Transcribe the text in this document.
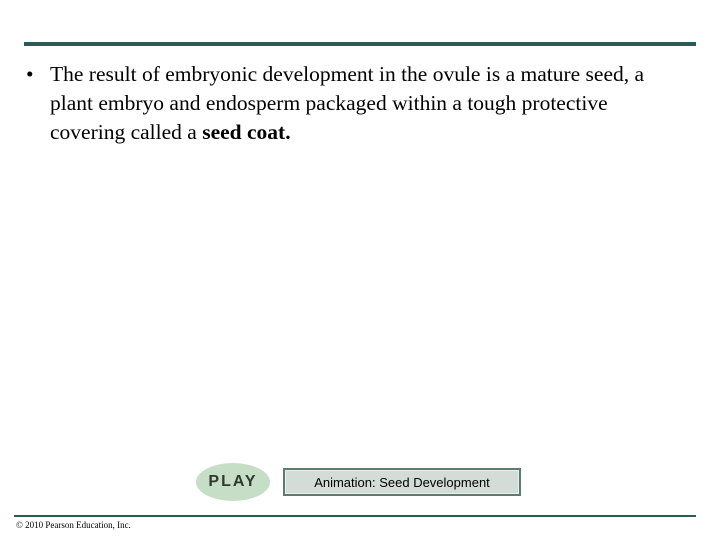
• The result of embryonic development in the ovule is a mature seed, a plant embryo and endosperm packaged within a tough protective covering called a seed coat.
PLAY	Animation: Seed Development
© 2010 Pearson Education, Inc.
